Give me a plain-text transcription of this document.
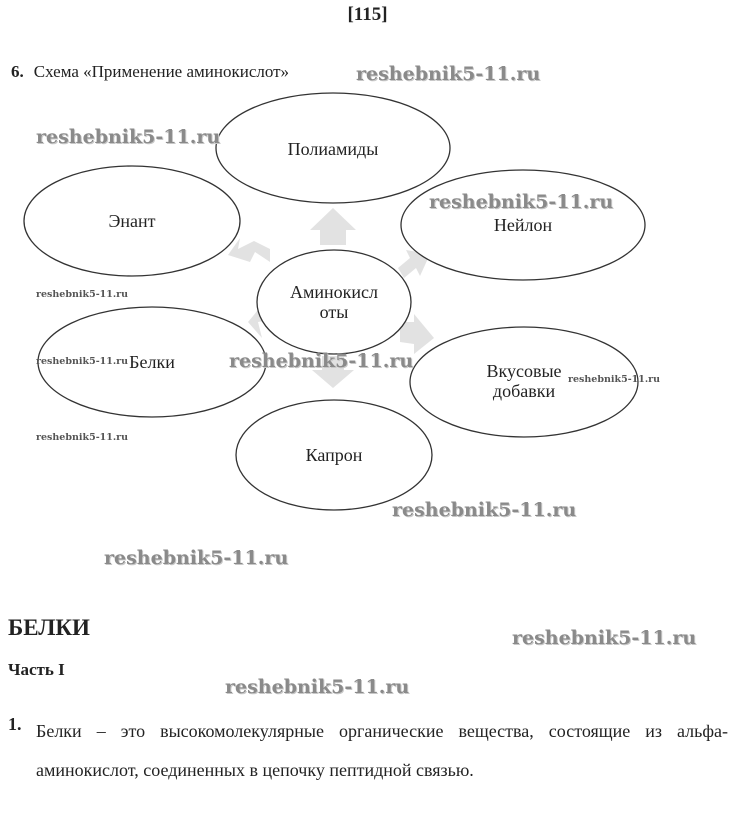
[115]
6. Схема «Применение аминокислот»
Полиамиды
Энант	Нейлон
Аминокисл
оты
Белки	Вкусовые
добавки
Капрон
reshebnik5-11.ru
reshebnik5-11.ru
reshebnik5-11.ru
reshebnik5-11.ru
reshebnik5-11.ru	reshebnik5-11.ru
reshebnik5-11.ru
reshebnik5-11.ru
reshebnik5-11.ru
reshebnik5-11.ru
reshebnik5-11.ru
reshebnik5-11.ru
БЕЛКИ
Часть I
1. Белки – это высокомолекулярные органические вещества, состоящие из альфа-аминокислот, соединенных в цепочку пептидной связью.
